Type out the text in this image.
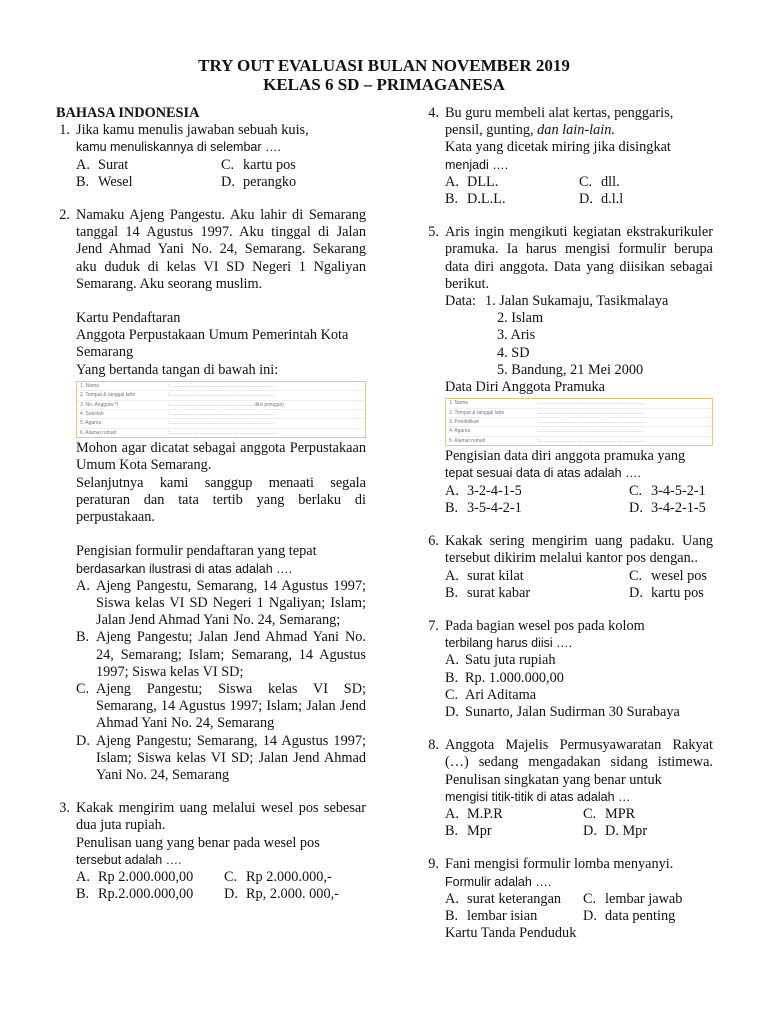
TRY OUT EVALUASI BULAN NOVEMBER 2019
KELAS 6 SD – PRIMAGANESA
BAHASA INDONESIA
1. Jika kamu menulis jawaban sebuah kuis,
kamu menuliskannya di selembar ….
A. Surat	C. kartu pos
B. Wesel	D. perangko
2. Namaku Ajeng Pangestu. Aku lahir di Semarang tanggal 14 Agustus 1997. Aku tinggal di Jalan Jend Ahmad Yani No. 24, Semarang. Sekarang aku duduk di kelas VI SD Negeri 1 Ngaliyan Semarang. Aku seorang muslim.
Kartu Pendaftaran
Anggota Perpustakaan Umum Pemerintah Kota Semarang
Yang bertanda tangan di bawah ini:
1. Nama	:………………………………………………………
2. Tempat & tanggal lahir	:………………………………………………………
3. No. Anggota *)	:……………………………………………diisi petugas)
4. Sekolah	:………………………………………………………
5. Agama	:………………………………………………………
6. Alamat rumah	:………………………………………………………
Mohon agar dicatat sebagai anggota Perpustakaan Umum Kota Semarang.
Selanjutnya kami sanggup menaati segala peraturan dan tata tertib yang berlaku di perpustakaan.
Pengisian formulir pendaftaran yang tepat
berdasarkan ilustrasi di atas adalah ….
A. Ajeng Pangestu, Semarang, 14 Agustus 1997; Siswa kelas VI SD Negeri 1 Ngaliyan; Islam; Jalan Jend Ahmad Yani No. 24, Semarang;
B. Ajeng Pangestu; Jalan Jend Ahmad Yani No. 24, Semarang; Islam; Semarang, 14 Agustus 1997; Siswa kelas VI SD;
C. Ajeng Pangestu; Siswa kelas VI SD; Semarang, 14 Agustus 1997; Islam; Jalan Jend Ahmad Yani No. 24, Semarang
D. Ajeng Pangestu; Semarang, 14 Agustus 1997; Islam; Siswa kelas VI SD; Jalan Jend Ahmad Yani No. 24, Semarang
3. Kakak mengirim uang melalui wesel pos sebesar dua juta rupiah.
Penulisan uang yang benar pada wesel pos
tersebut adalah ….
A. Rp 2.000.000,00	C. Rp 2.000.000,-
B. Rp.2.000.000,00	D. Rp, 2.000. 000,-
4. Bu guru membeli alat kertas, penggaris, pensil, gunting, dan lain-lain.
Kata yang dicetak miring jika disingkat
menjadi ….
A. DLL.	C. dll.
B. D.L.L.	D. d.l.l
5. Aris ingin mengikuti kegiatan ekstrakurikuler pramuka. Ia harus mengisi formulir berupa data diri anggota. Data yang diisikan sebagai berikut.
Data: 1. Jalan Sukamaju, Tasikmalaya
2. Islam
3. Aris
4. SD
5. Bandung, 21 Mei 2000
Data Diri Anggota Pramuka
1. Nama	:………………………………………………………
2. Tempat & tanggal lahir	:………………………………………………………
3. Pendidikan	:………………………………………………………
4. Agama	:………………………………………………………
5. Alamat rumah	:………………………………………………………
Pengisian data diri anggota pramuka yang
tepat sesuai data di atas adalah ….
A. 3-2-4-1-5	C. 3-4-5-2-1
B. 3-5-4-2-1	D. 3-4-2-1-5
6. Kakak sering mengirim uang padaku. Uang tersebut dikirim melalui kantor pos dengan..
A. surat kilat	C. wesel pos
B. surat kabar	D. kartu pos
7. Pada bagian wesel pos pada kolom
terbilang harus diisi ….
A. Satu juta rupiah
B. Rp. 1.000.000,00
C. Ari Aditama
D. Sunarto, Jalan Sudirman 30 Surabaya
8. Anggota Majelis Permusyawaratan Rakyat (…) sedang mengadakan sidang istimewa. Penulisan singkatan yang benar untuk
mengisi titik-titik di atas adalah …
A. M.P.R	C. MPR
B. Mpr	D. D. Mpr
9. Fani mengisi formulir lomba menyanyi.
Formulir adalah ….
A. surat keterangan	C. lembar jawab
B. lembar isian	D. data penting
Kartu Tanda Penduduk
